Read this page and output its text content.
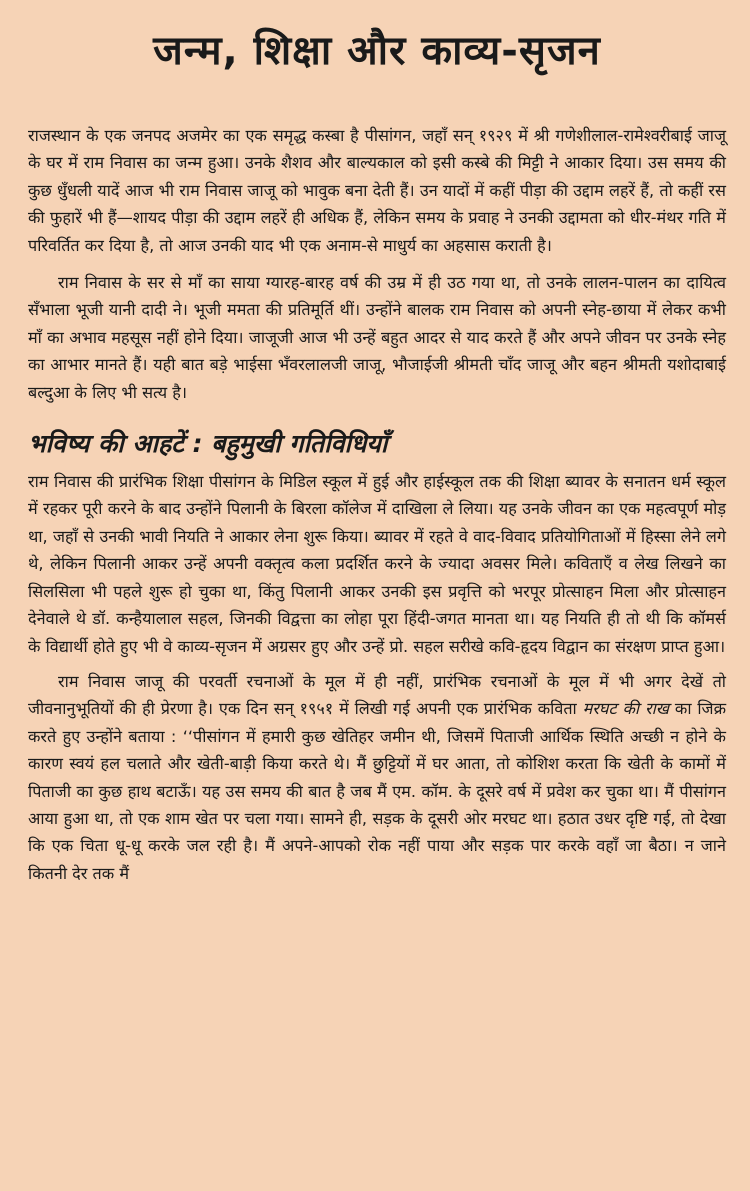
जन्म, शिक्षा और काव्य-सृजन

राजस्थान के एक जनपद अजमेर का एक समृद्ध कस्बा है पीसांगन, जहाँ सन् १९२९ में श्री गणेशीलाल-रामेश्वरीबाई जाजू के घर में राम निवास का जन्म हुआ। उनके शैशव और बाल्यकाल को इसी कस्बे की मिट्टी ने आकार दिया। उस समय की कुछ धुँधली यादें आज भी राम निवास जाजू को भावुक बना देती हैं। उन यादों में कहीं पीड़ा की उद्दाम लहरें हैं, तो कहीं रस की फुहारें भी हैं—शायद पीड़ा की उद्दाम लहरें ही अधिक हैं, लेकिन समय के प्रवाह ने उनकी उद्दामता को धीर-मंथर गति में परिवर्तित कर दिया है, तो आज उनकी याद भी एक अनाम-से माधुर्य का अहसास कराती है।

राम निवास के सर से माँ का साया ग्यारह-बारह वर्ष की उम्र में ही उठ गया था, तो उनके लालन-पालन का दायित्व सँभाला भूजी यानी दादी ने। भूजी ममता की प्रतिमूर्ति थीं। उन्होंने बालक राम निवास को अपनी स्नेह-छाया में लेकर कभी माँ का अभाव महसूस नहीं होने दिया। जाजूजी आज भी उन्हें बहुत आदर से याद करते हैं और अपने जीवन पर उनके स्नेह का आभार मानते हैं। यही बात बड़े भाईसा भँवरलालजी जाजू, भौजाईजी श्रीमती चाँद जाजू और बहन श्रीमती यशोदाबाई बल्दुआ के लिए भी सत्य है।

भविष्य की आहटें : बहुमुखी गतिविधियाँ

राम निवास की प्रारंभिक शिक्षा पीसांगन के मिडिल स्कूल में हुई और हाईस्कूल तक की शिक्षा ब्यावर के सनातन धर्म स्कूल में रहकर पूरी करने के बाद उन्होंने पिलानी के बिरला कॉलेज में दाखिला ले लिया। यह उनके जीवन का एक महत्वपूर्ण मोड़ था, जहाँ से उनकी भावी नियति ने आकार लेना शुरू किया। ब्यावर में रहते वे वाद-विवाद प्रतियोगिताओं में हिस्सा लेने लगे थे, लेकिन पिलानी आकर उन्हें अपनी वक्तृत्व कला प्रदर्शित करने के ज्यादा अवसर मिले। कविताएँ व लेख लिखने का सिलसिला भी पहले शुरू हो चुका था, किंतु पिलानी आकर उनकी इस प्रवृत्ति को भरपूर प्रोत्साहन मिला और प्रोत्साहन देनेवाले थे डॉ. कन्हैयालाल सहल, जिनकी विद्वत्ता का लोहा पूरा हिंदी-जगत मानता था। यह नियति ही तो थी कि कॉमर्स के विद्यार्थी होते हुए भी वे काव्य-सृजन में अग्रसर हुए और उन्हें प्रो. सहल सरीखे कवि-हृदय विद्वान का संरक्षण प्राप्त हुआ।

राम निवास जाजू की परवर्ती रचनाओं के मूल में ही नहीं, प्रारंभिक रचनाओं के मूल में भी अगर देखें तो जीवनानुभूतियों की ही प्रेरणा है। एक दिन सन् १९५१ में लिखी गई अपनी एक प्रारंभिक कविता मरघट की राख का जिक्र करते हुए उन्होंने बताया : ‘‘पीसांगन में हमारी कुछ खेतिहर जमीन थी, जिसमें पिताजी आर्थिक स्थिति अच्छी न होने के कारण स्वयं हल चलाते और खेती-बाड़ी किया करते थे। मैं छुट्टियों में घर आता, तो कोशिश करता कि खेती के कामों में पिताजी का कुछ हाथ बटाऊँ। यह उस समय की बात है जब मैं एम. कॉम. के दूसरे वर्ष में प्रवेश कर चुका था। मैं पीसांगन आया हुआ था, तो एक शाम खेत पर चला गया। सामने ही, सड़क के दूसरी ओर मरघट था। हठात उधर दृष्टि गई, तो देखा कि एक चिता धू-धू करके जल रही है। मैं अपने-आपको रोक नहीं पाया और सड़क पार करके वहाँ जा बैठा। न जाने कितनी देर तक मैं
